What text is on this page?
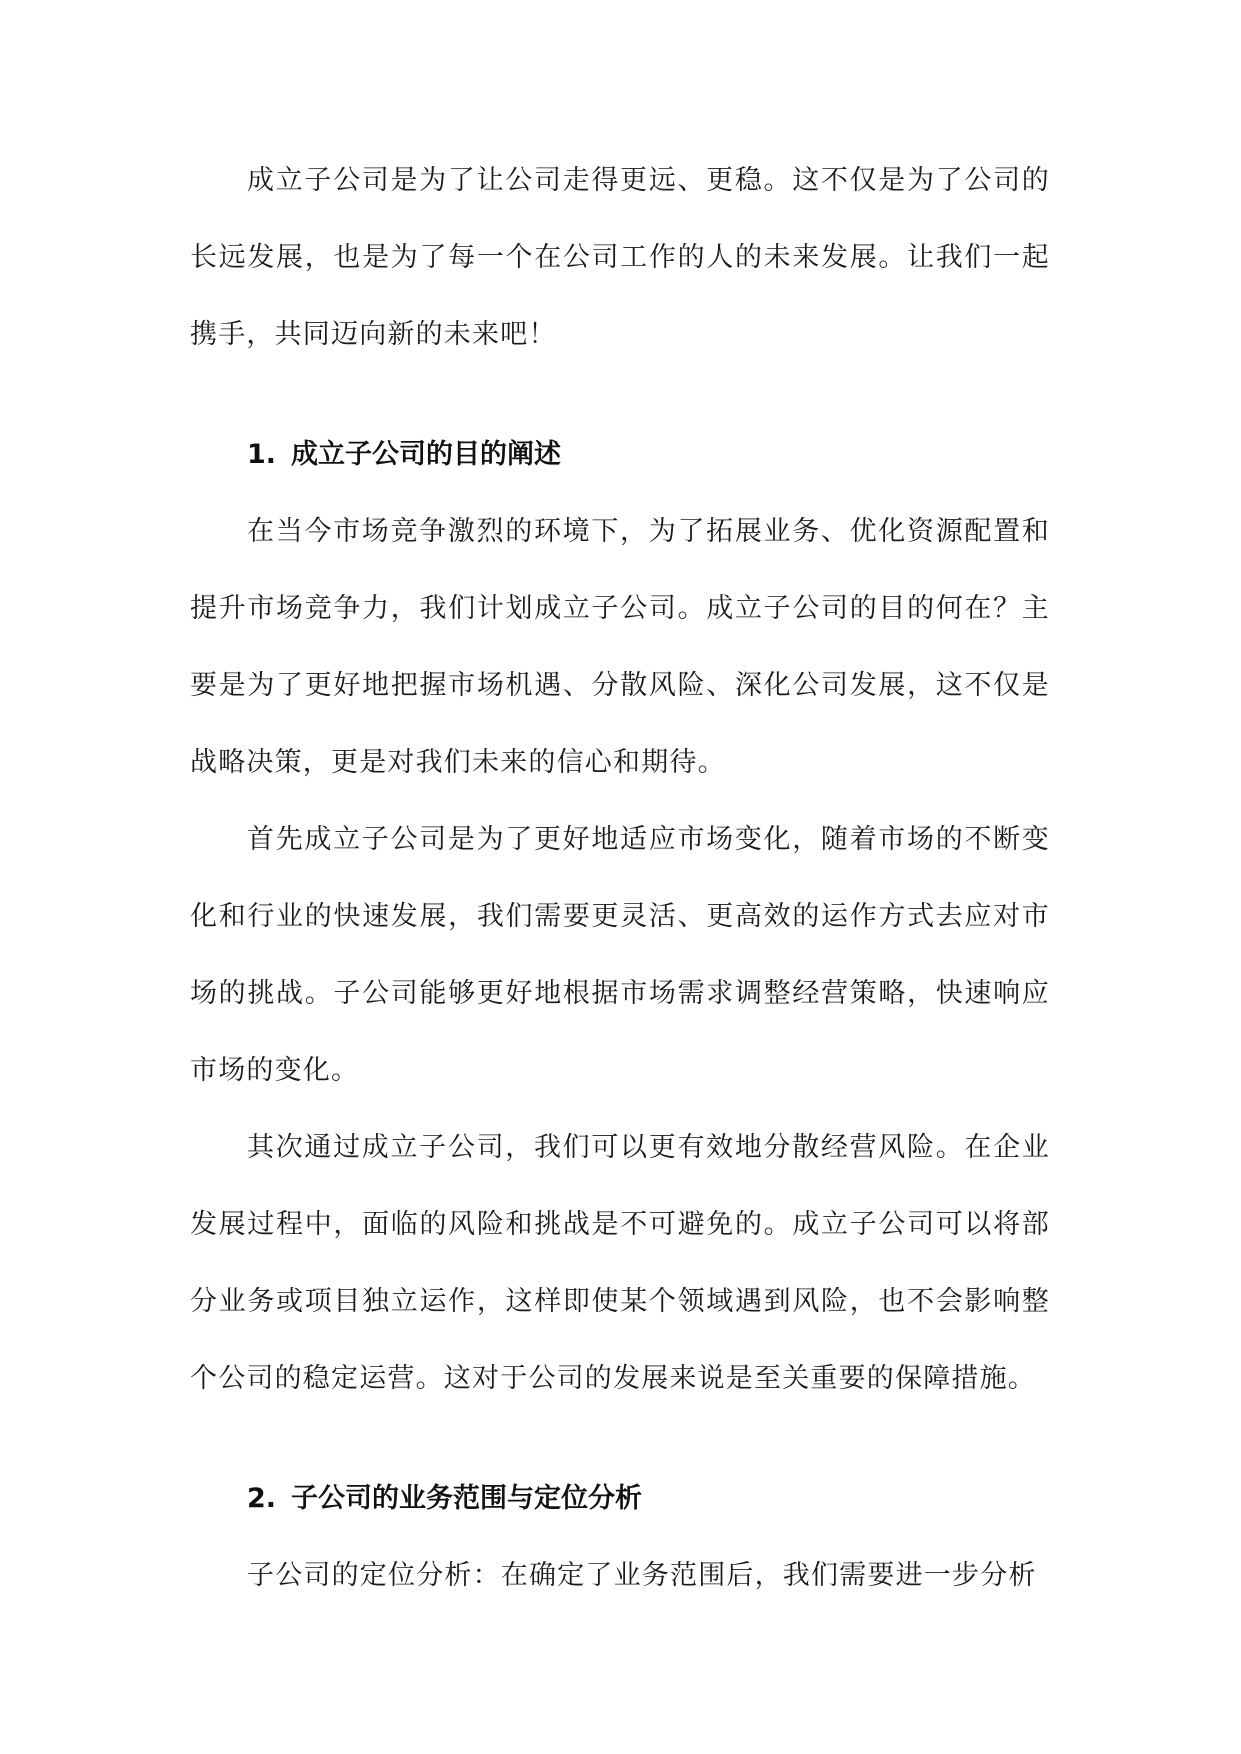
成立子公司是为了让公司走得更远、更稳。这不仅是为了公司的长远发展，也是为了每一个在公司工作的人的未来发展。让我们一起携手，共同迈向新的未来吧！

1. 成立子公司的目的阐述

在当今市场竞争激烈的环境下，为了拓展业务、优化资源配置和提升市场竞争力，我们计划成立子公司。成立子公司的目的何在？主要是为了更好地把握市场机遇、分散风险、深化公司发展，这不仅是战略决策，更是对我们未来的信心和期待。

首先成立子公司是为了更好地适应市场变化，随着市场的不断变化和行业的快速发展，我们需要更灵活、更高效的运作方式去应对市场的挑战。子公司能够更好地根据市场需求调整经营策略，快速响应市场的变化。

其次通过成立子公司，我们可以更有效地分散经营风险。在企业发展过程中，面临的风险和挑战是不可避免的。成立子公司可以将部分业务或项目独立运作，这样即使某个领域遇到风险，也不会影响整个公司的稳定运营。这对于公司的发展来说是至关重要的保障措施。

2. 子公司的业务范围与定位分析

子公司的定位分析：在确定了业务范围后，我们需要进一步分析
